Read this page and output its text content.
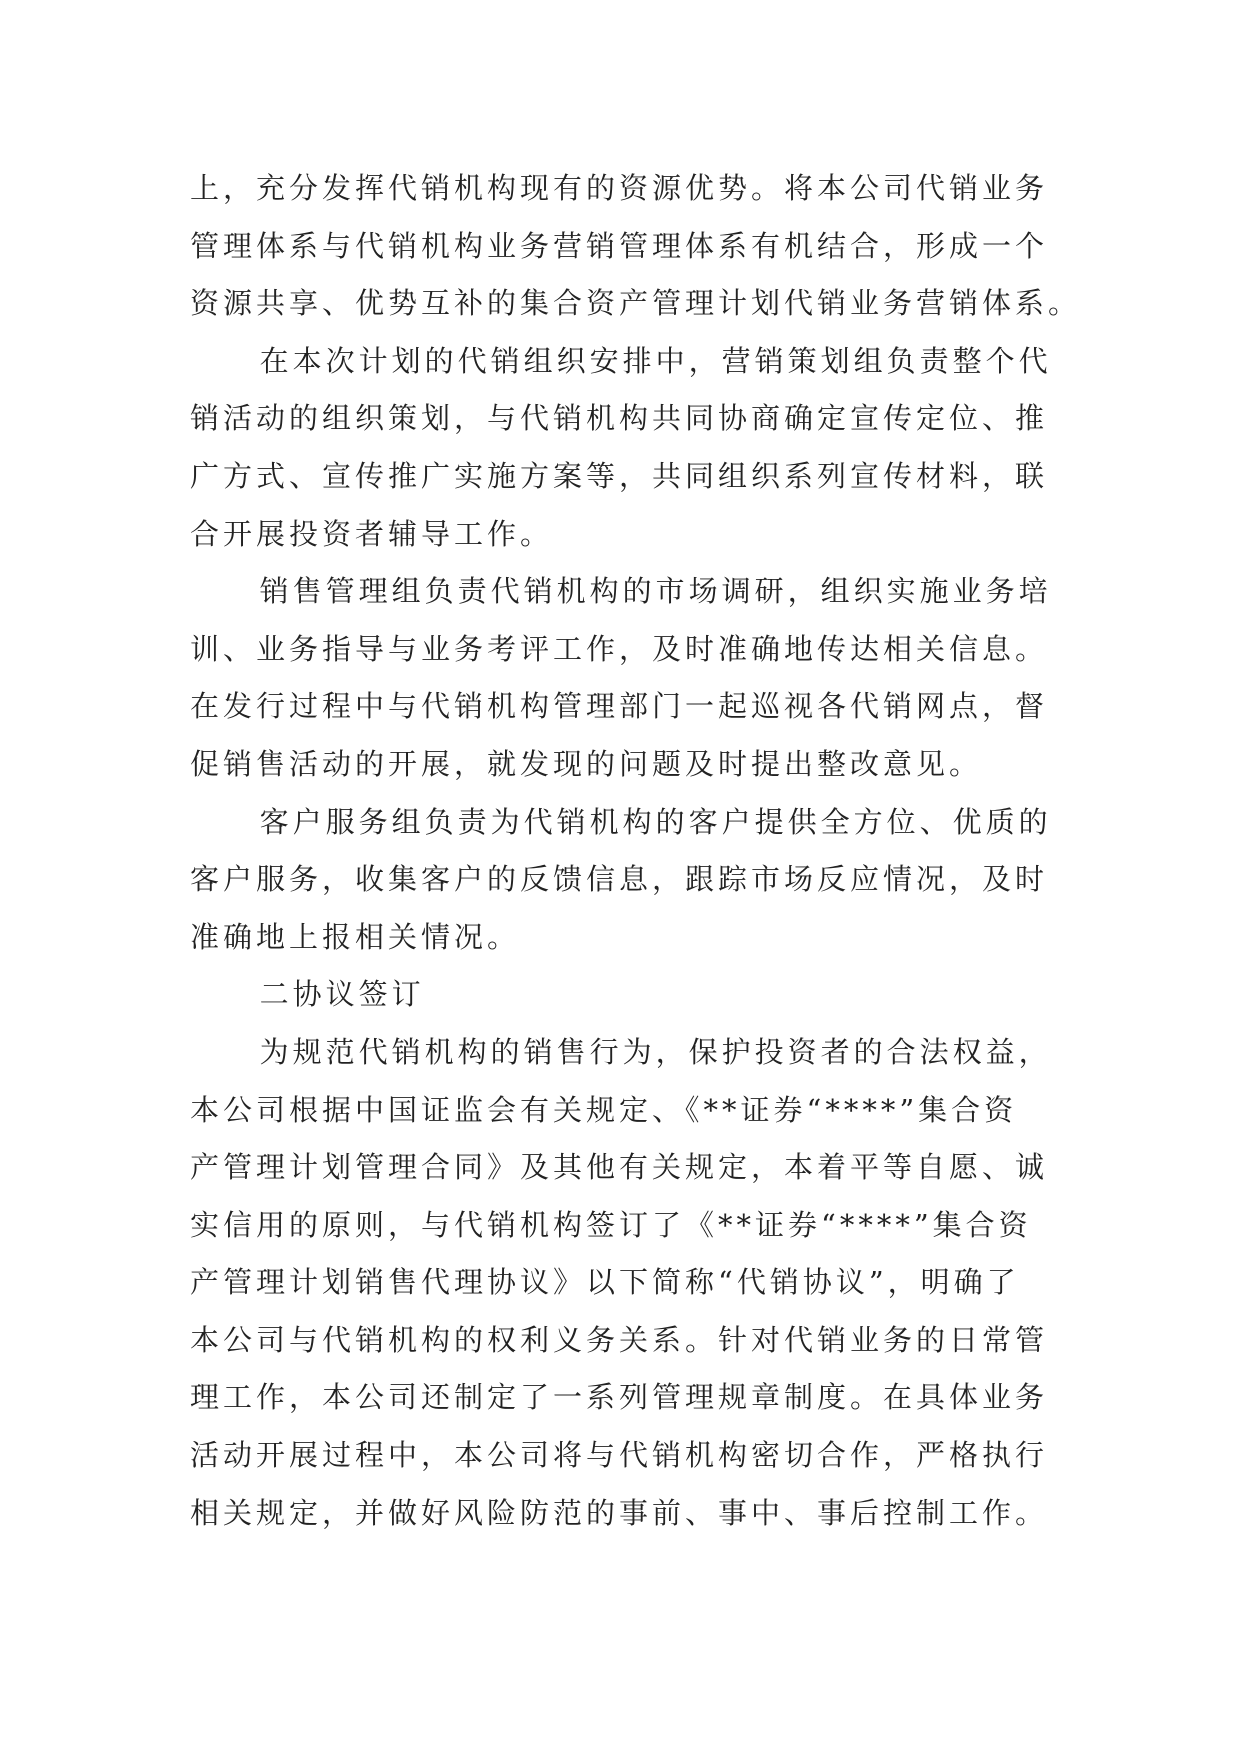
上，充分发挥代销机构现有的资源优势。将本公司代销业务
管理体系与代销机构业务营销管理体系有机结合，形成一个
资源共享、优势互补的集合资产管理计划代销业务营销体系。

在本次计划的代销组织安排中，营销策划组负责整个代
销活动的组织策划，与代销机构共同协商确定宣传定位、推
广方式、宣传推广实施方案等，共同组织系列宣传材料，联
合开展投资者辅导工作。

销售管理组负责代销机构的市场调研，组织实施业务培
训、业务指导与业务考评工作，及时准确地传达相关信息。
在发行过程中与代销机构管理部门一起巡视各代销网点，督
促销售活动的开展，就发现的问题及时提出整改意见。

客户服务组负责为代销机构的客户提供全方位、优质的
客户服务，收集客户的反馈信息，跟踪市场反应情况，及时
准确地上报相关情况。

二协议签订

为规范代销机构的销售行为，保护投资者的合法权益，
本公司根据中国证监会有关规定、《**证券“****”集合资
产管理计划管理合同》及其他有关规定，本着平等自愿、诚
实信用的原则，与代销机构签订了《**证券“****”集合资
产管理计划销售代理协议》以下简称“代销协议”，明确了
本公司与代销机构的权利义务关系。针对代销业务的日常管
理工作，本公司还制定了一系列管理规章制度。在具体业务
活动开展过程中，本公司将与代销机构密切合作，严格执行
相关规定，并做好风险防范的事前、事中、事后控制工作。
